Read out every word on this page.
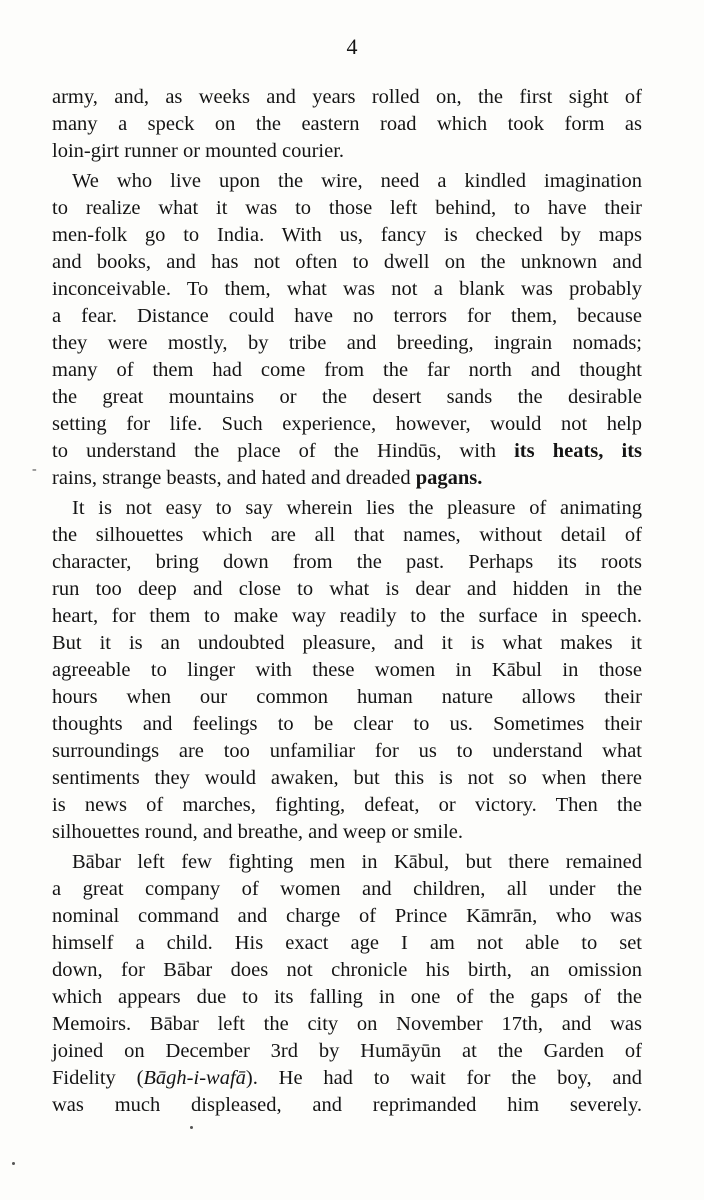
4
-
army, and, as weeks and years rolled on, the first sight of
many a speck on the eastern road which took form as
loin-girt runner or mounted courier.
We who live upon the wire, need a kindled imagination
to realize what it was to those left behind, to have their
men-folk go to India. With us, fancy is checked by maps
and books, and has not often to dwell on the unknown and
inconceivable. To them, what was not a blank was probably
a fear. Distance could have no terrors for them, because
they were mostly, by tribe and breeding, ingrain nomads;
many of them had come from the far north and thought
the great mountains or the desert sands the desirable
setting for life. Such experience, however, would not help
to understand the place of the Hindūs, with its heats, its
rains, strange beasts, and hated and dreaded pagans.
It is not easy to say wherein lies the pleasure of animating
the silhouettes which are all that names, without detail of
character, bring down from the past. Perhaps its roots
run too deep and close to what is dear and hidden in the
heart, for them to make way readily to the surface in speech.
But it is an undoubted pleasure, and it is what makes it
agreeable to linger with these women in Kābul in those
hours when our common human nature allows their
thoughts and feelings to be clear to us. Sometimes their
surroundings are too unfamiliar for us to understand what
sentiments they would awaken, but this is not so when there
is news of marches, fighting, defeat, or victory. Then the
silhouettes round, and breathe, and weep or smile.
Bābar left few fighting men in Kābul, but there remained
a great company of women and children, all under the
nominal command and charge of Prince Kāmrān, who was
himself a child. His exact age I am not able to set
down, for Bābar does not chronicle his birth, an omission
which appears due to its falling in one of the gaps of the
Memoirs. Bābar left the city on November 17th, and was
joined on December 3rd by Humāyūn at the Garden of
Fidelity (Bāgh-i-wafā). He had to wait for the boy, and
was much displeased, and reprimanded him severely.
